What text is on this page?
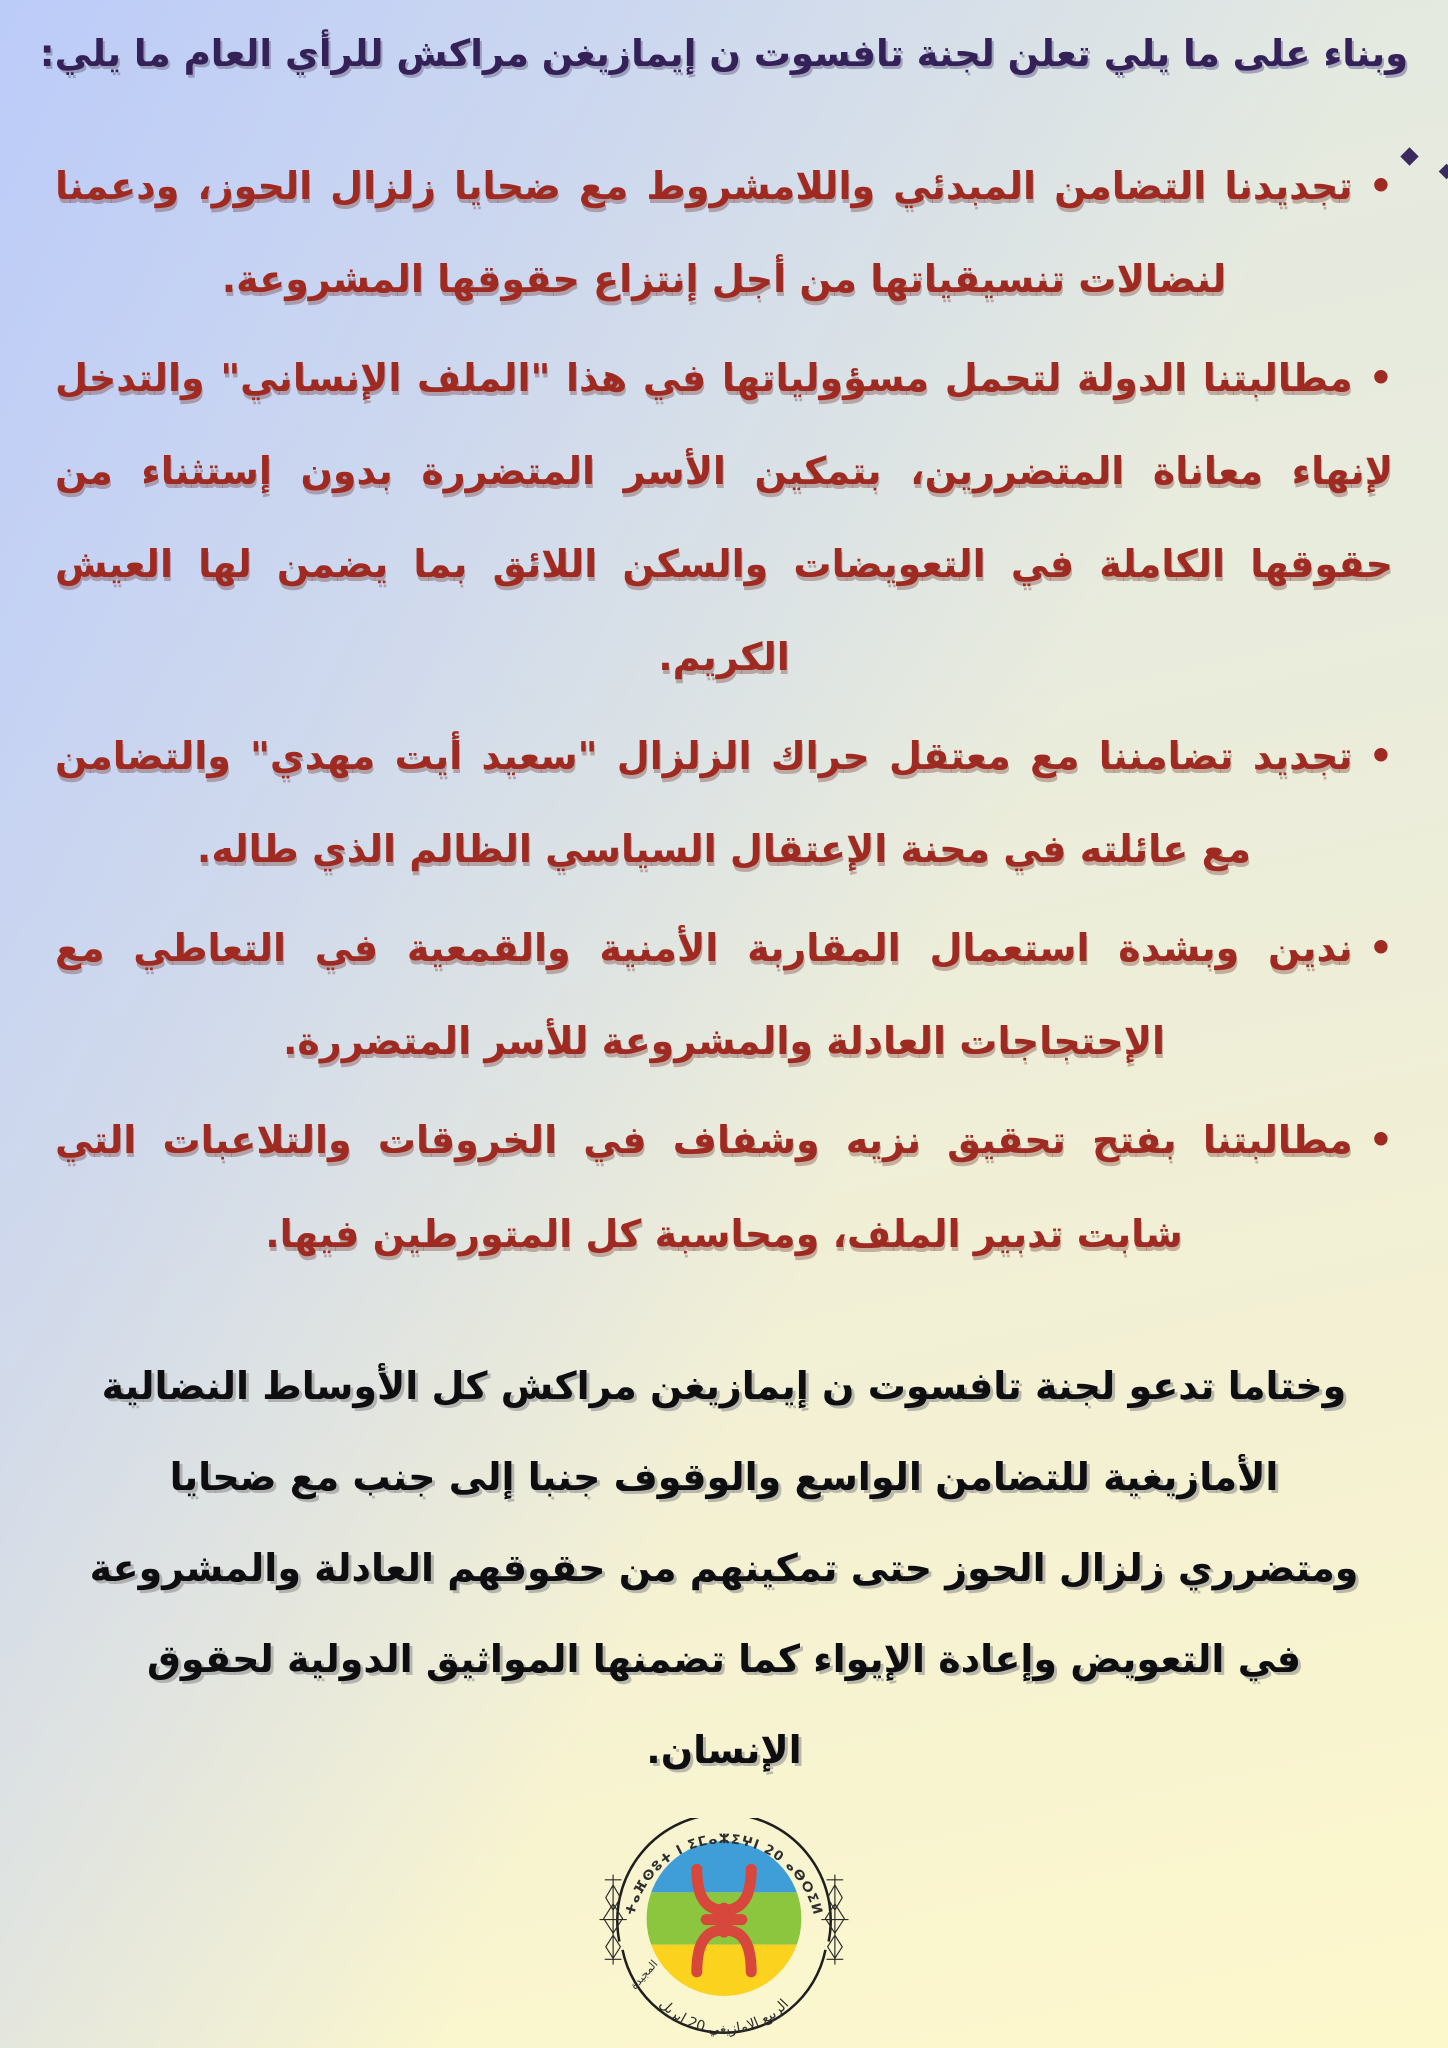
وبناء على ما يلي تعلن لجنة تافسوت ن إيمازيغن مراكش للرأي العام ما يلي:

•تجديدنا التضامن المبدئي واللامشروط مع ضحايا زلزال الحوز، ودعمنا لنضالات تنسيقياتها من أجل إنتزاع حقوقها المشروعة.
•مطالبتنا الدولة لتحمل مسؤولياتها في هذا "الملف الإنساني" والتدخل لإنهاء معاناة المتضررين، بتمكين الأسر المتضررة بدون إستثناء من حقوقها الكاملة في التعويضات والسكن اللائق بما يضمن لها العيش الكريم.
•تجديد تضامننا مع معتقل حراك الزلزال "سعيد أيت مهدي" والتضامن مع عائلته في محنة الإعتقال السياسي الظالم الذي طاله.
•ندين وبشدة استعمال المقاربة الأمنية والقمعية في التعاطي مع الإحتجاجات العادلة والمشروعة للأسر المتضررة.
•مطالبتنا بفتح تحقيق نزيه وشفاف في الخروقات والتلاعبات التي شابت تدبير الملف، ومحاسبة كل المتورطين فيها.

وختاما تدعو لجنة تافسوت ن إيمازيغن مراكش كل الأوساط النضالية الأمازيغية للتضامن الواسع والوقوف جنبا إلى جنب مع ضحايا ومتضرري زلزال الحوز حتى تمكينهم من حقوقهم العادلة والمشروعة في التعويض وإعادة الإيواء كما تضمنها المواثيق الدولية لحقوق الإنسان.

ⵜⴰⴼⵙⵓⵜ ⵏ ⵉⵎⴰⵣⵉⵖⵏ 20 ⴰⴱⵔⵉⵍ
الربيع الامازيغي 20 ابريل
المجيدة
